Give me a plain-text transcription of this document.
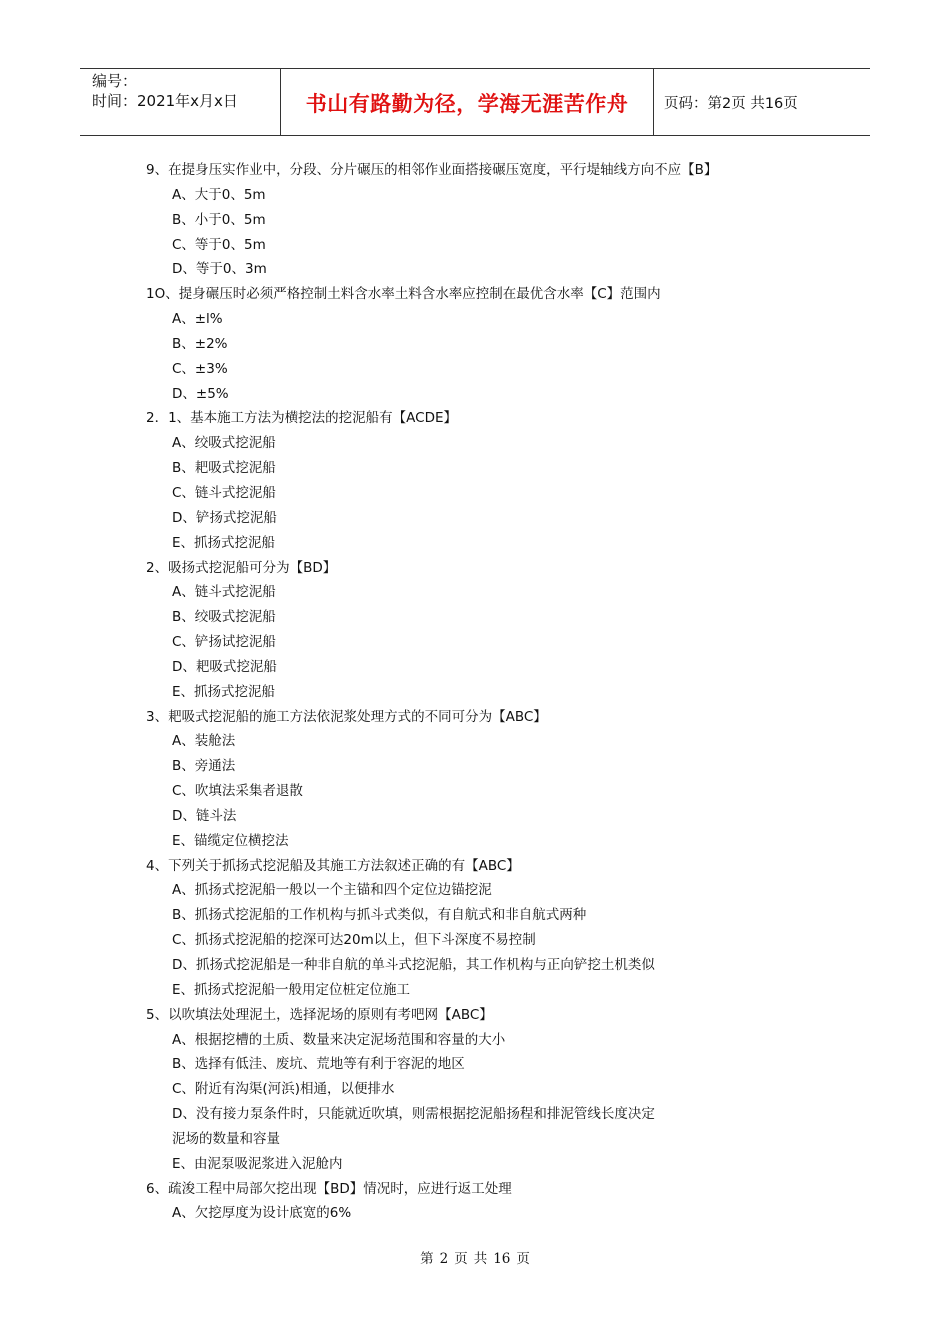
编号：
时间：2021年x月x日	书山有路勤为径，学海无涯苦作舟 页码：第2页 共16页
9、在提身压实作业中，分段、分片碾压的相邻作业面搭接碾压宽度，平行堤轴线方向不应【B】
A、大于0、5m
B、小于0、5m
C、等于0、5m
D、等于0、3m
1O、提身碾压时必须严格控制土料含水率土料含水率应控制在最优含水率【C】范围内
A、±l%
B、±2%
C、±3%
D、±5%
2．1、基本施工方法为横挖法的挖泥船有【ACDE】
A、绞吸式挖泥船
B、耙吸式挖泥船
C、链斗式挖泥船
D、铲扬式挖泥船
E、抓扬式挖泥船
2、吸扬式挖泥船可分为【BD】
A、链斗式挖泥船
B、绞吸式挖泥船
C、铲扬试挖泥船
D、耙吸式挖泥船
E、抓扬式挖泥船
3、耙吸式挖泥船的施工方法依泥浆处理方式的不同可分为【ABC】
A、装舱法
B、旁通法
C、吹填法采集者退散
D、链斗法
E、锚缆定位横挖法
4、下列关于抓扬式挖泥船及其施工方法叙述正确的有【ABC】
A、抓扬式挖泥船一般以一个主锚和四个定位边锚挖泥
B、抓扬式挖泥船的工作机构与抓斗式类似，有自航式和非自航式两种
C、抓扬式挖泥船的挖深可达20m以上，但下斗深度不易控制
D、抓扬式挖泥船是一种非自航的单斗式挖泥船，其工作机构与正向铲挖土机类似
E、抓扬式挖泥船一般用定位桩定位施工
5、以吹填法处理泥土，选择泥场的原则有考吧网【ABC】
A、根据挖槽的土质、数量来决定泥场范围和容量的大小
B、选择有低洼、废坑、荒地等有利于容泥的地区
C、附近有沟渠(河浜)相通，以便排水
D、没有接力泵条件时，只能就近吹填，则需根据挖泥船扬程和排泥管线长度决定
泥场的数量和容量
E、由泥泵吸泥浆进入泥舱内
6、疏浚工程中局部欠挖出现【BD】情况时，应进行返工处理
A、欠挖厚度为设计底宽的6%
第 2 页 共 16 页
